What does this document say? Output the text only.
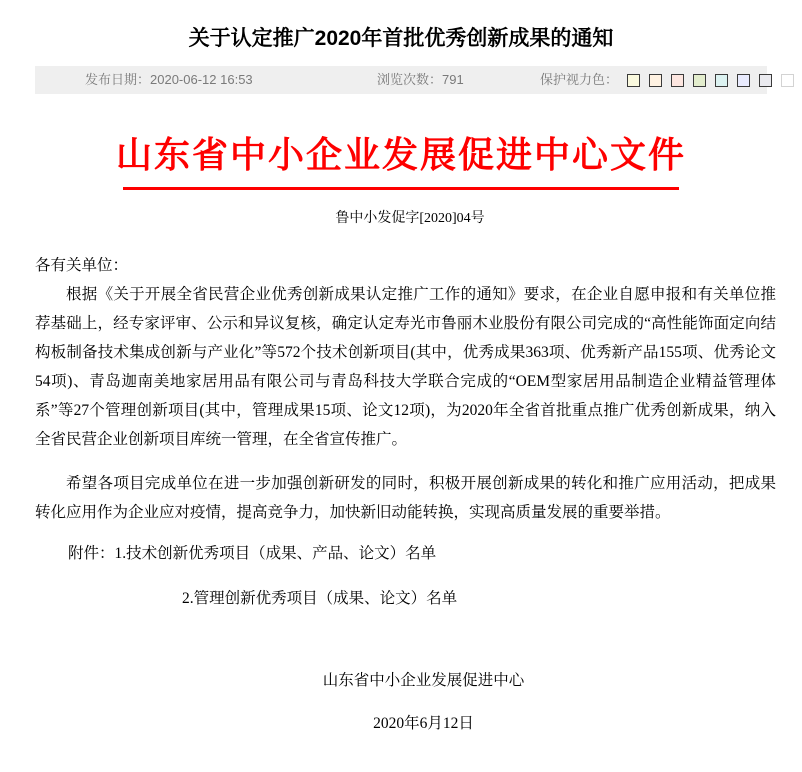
关于认定推广2020年首批优秀创新成果的通知
发布日期：2020-06-12 16:53	浏览次数：791	保护视力色：
山东省中小企业发展促进中心文件
鲁中小发促字[2020]04号
各有关单位：

根据《关于开展全省民营企业优秀创新成果认定推广工作的通知》要求，在企业自愿申报和有关单位推荐基础上，经专家评审、公示和异议复核，确定认定寿光市鲁丽木业股份有限公司完成的“高性能饰面定向结构板制备技术集成创新与产业化”等572个技术创新项目(其中，优秀成果363项、优秀新产品155项、优秀论文54项)、青岛迦南美地家居用品有限公司与青岛科技大学联合完成的“OEM型家居用品制造企业精益管理体系”等27个管理创新项目(其中，管理成果15项、论文12项)，为2020年全省首批重点推广优秀创新成果，纳入全省民营企业创新项目库统一管理，在全省宣传推广。

希望各项目完成单位在进一步加强创新研发的同时，积极开展创新成果的转化和推广应用活动，把成果转化应用作为企业应对疫情，提高竞争力，加快新旧动能转换，实现高质量发展的重要举措。

附件：1.技术创新优秀项目（成果、产品、论文）名单
2.管理创新优秀项目（成果、论文）名单
山东省中小企业发展促进中心
2020年6月12日
